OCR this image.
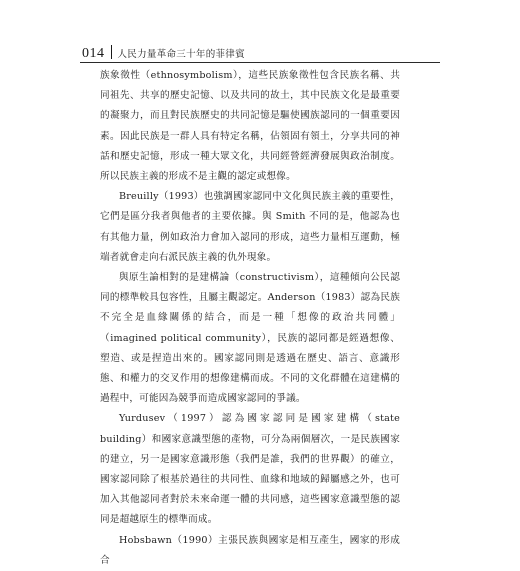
014 人民力量革命三十年的菲律賓

族象徵性（ethnosymbolism），這些民族象徵性包含民族名稱、共同祖先、共享的歷史記憶、以及共同的故土，其中民族文化是最重要的凝聚力，而且對民族歷史的共同記憶是驅使國族認同的一個重要因素。因此民族是一群人具有特定名稱，佔領固有領土，分享共同的神話和歷史記憶，形成一種大眾文化，共同經營經濟發展與政治制度。所以民族主義的形成不是主觀的認定或想像。

Breuilly（1993）也強調國家認同中文化與民族主義的重要性，它們是區分我者與他者的主要依據。與 Smith 不同的是，他認為也有其他力量，例如政治力會加入認同的形成，這些力量相互運動，極端者就會走向右派民族主義的仇外現象。

與原生論相對的是建構論（constructivism），這種傾向公民認同的標準較具包容性，且屬主觀認定。Anderson（1983）認為民族不完全是血緣關係的結合，而是一種「想像的政治共同體」（imagined political community），民族的認同都是經過想像、塑造、或是捏造出來的。國家認同則是透過在歷史、語言、意識形態、和權力的交叉作用的想像建構而成。不同的文化群體在這建構的過程中，可能因為競爭而造成國家認同的爭議。

Yurdusev（1997）認為國家認同是國家建構（state building）和國家意識型態的產物，可分為兩個層次，一是民族國家的建立，另一是國家意識形態（我們是誰，我們的世界觀）的確立，國家認同除了根基於過往的共同性、血緣和地域的歸屬感之外，也可加入其他認同者對於未來命運一體的共同感，這些國家意識型態的認同是超越原生的標準而成。

Hobsbawn（1990）主張民族與國家是相互產生，國家的形成合
